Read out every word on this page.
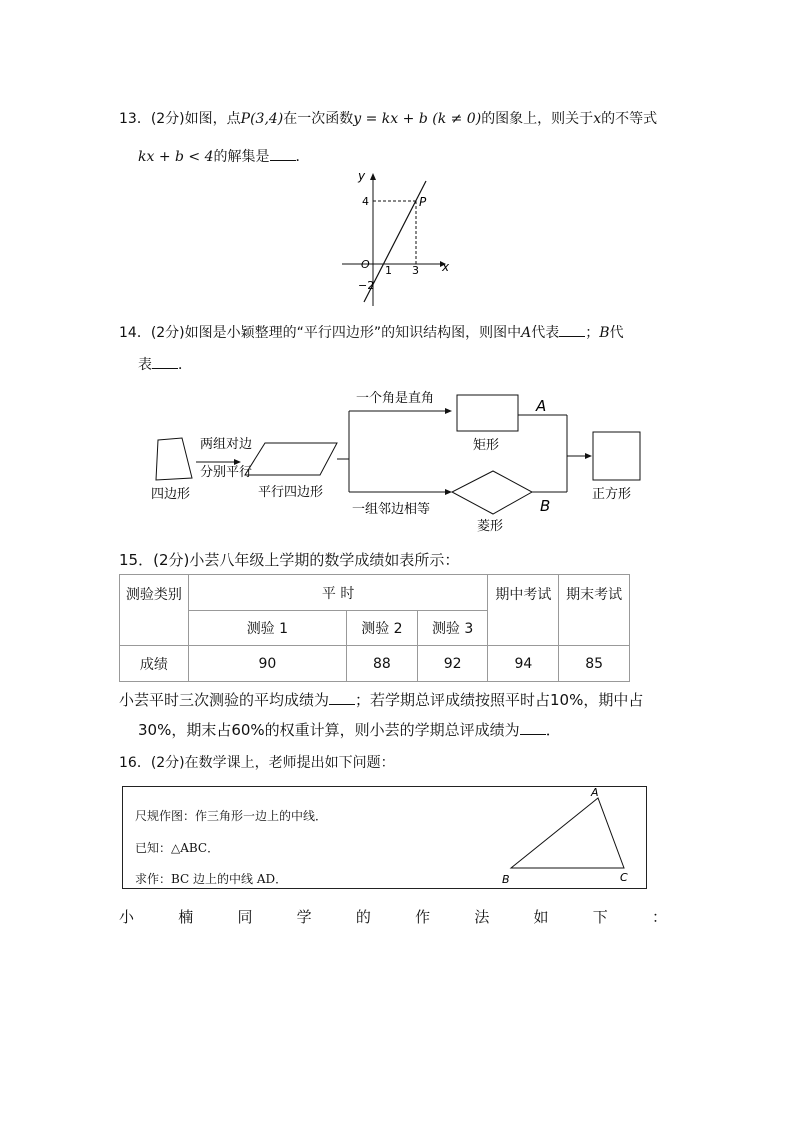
13．(2分)如图，点P(3,4)在一次函数y = kx + b (k ≠ 0)的图象上，则关于x的不等式
kx + b < 4的解集是 ．
y
x
4
O 1 3
−2
P
14．(2分)如图是小颖整理的“平行四边形”的知识结构图，则图中A代表 ；B代
表 ．
四边形
两组对边
分别平行
平行四边形
一个角是直角
一组邻边相等
矩形
菱形
A
B
正方形
15．(2分)小芸八年级上学期的数学成绩如表所示：
测验类别	平 时			期中考试	期末考试
	测验 1	测验 2	测验 3		
成绩	90	88	92	94	85
小芸平时三次测验的平均成绩为 ；若学期总评成绩按照平时占10%，期中占
30%，期末占60%的权重计算，则小芸的学期总评成绩为 ．
16．(2分)在数学课上，老师提出如下问题：
尺规作图：作三角形一边上的中线．
已知：△ABC．
求作：BC 边上的中线 AD．
A
B	C
小	楠	同	学	的	作	法	如	下	：
